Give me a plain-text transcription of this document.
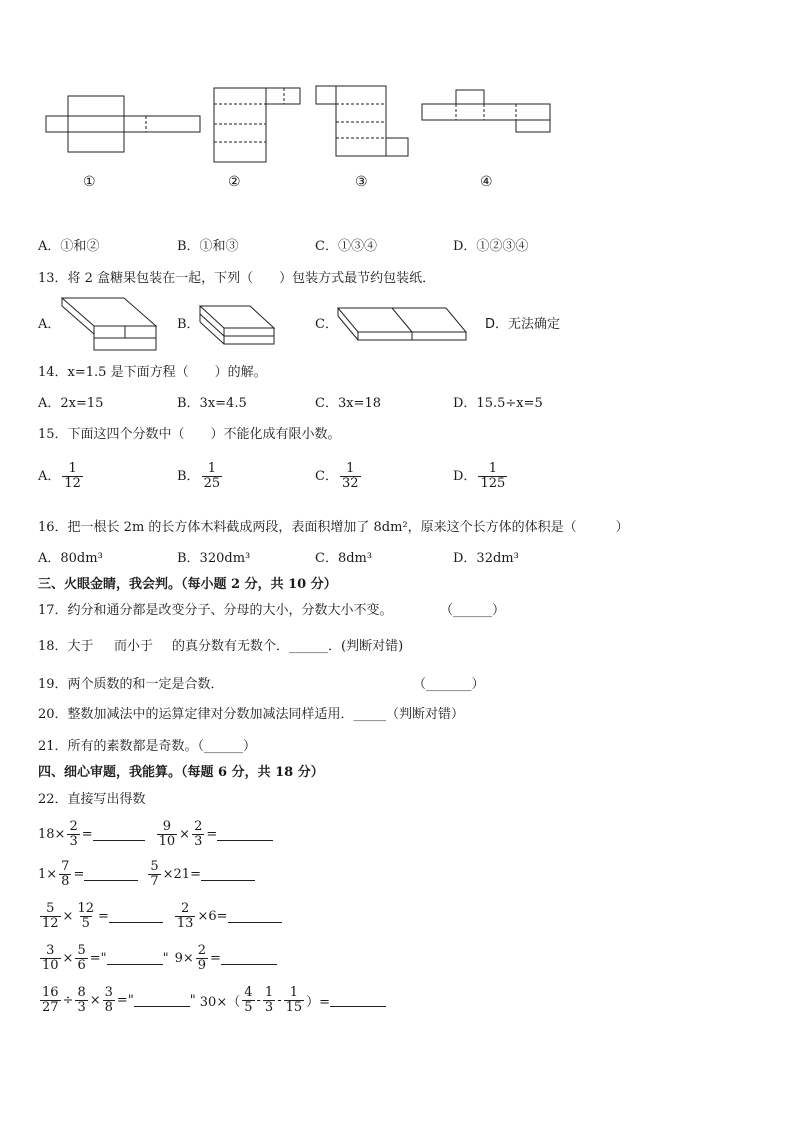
①	②	③	④
A．①和②	B．①和③	C．①③④	D．①②③④
13．将 2 盒糖果包装在一起，下列（　　）包装方式最节约包装纸．
A．	B．	C．	D．无法确定
14．x=1.5 是下面方程（　　）的解。
A．2x=15	B．3x=4.5	C．3x=18	D．15.5÷x=5
15．下面这四个分数中（　　）不能化成有限小数。
A． $\frac{1}{12}$	B． $\frac{1}{25}$	C． $\frac{1}{32}$	D． $\frac{1}{125}$
16．把一根长 2m 的长方体木料截成两段，表面积增加了 8dm²，原来这个长方体的体积是（　　　）
A．80dm³	B．320dm³	C．8dm³	D．32dm³
三、火眼金睛，我会判。（每小题 2 分，共 10 分）
17．约分和通分都是改变分子、分母的大小，分数大小不变。	（______）
18．大于 而小于 的真分数有无数个．______．(判断对错)
19．两个质数的和一定是合数．	（_______）
20．整数加减法中的运算定律对分数加减法同样适用．_____（判断对错）
21．所有的素数都是奇数。（______）
四、细心审题，我能算。（每题 6 分，共 18 分）
22．直接写出得数
$18\times \frac{2}{3}$ =	$\frac{9}{10} \times \frac{2}{3}$ =
$1\times \frac{7}{8}$ =	$\frac{5}{7} \times 21=$
$\frac{5}{12} \times \frac{12}{5}$ =	$\frac{2}{13} \times 6=$
$\frac{3}{10} \times \frac{5}{6}$ ="	" $9\times \frac{2}{9}$ =
$\frac{16}{27} \div \frac{8}{3} \times \frac{3}{8}$ ="	" $30\times( \frac{4}{5} - \frac{1}{3} - \frac{1}{15}$ ）=
